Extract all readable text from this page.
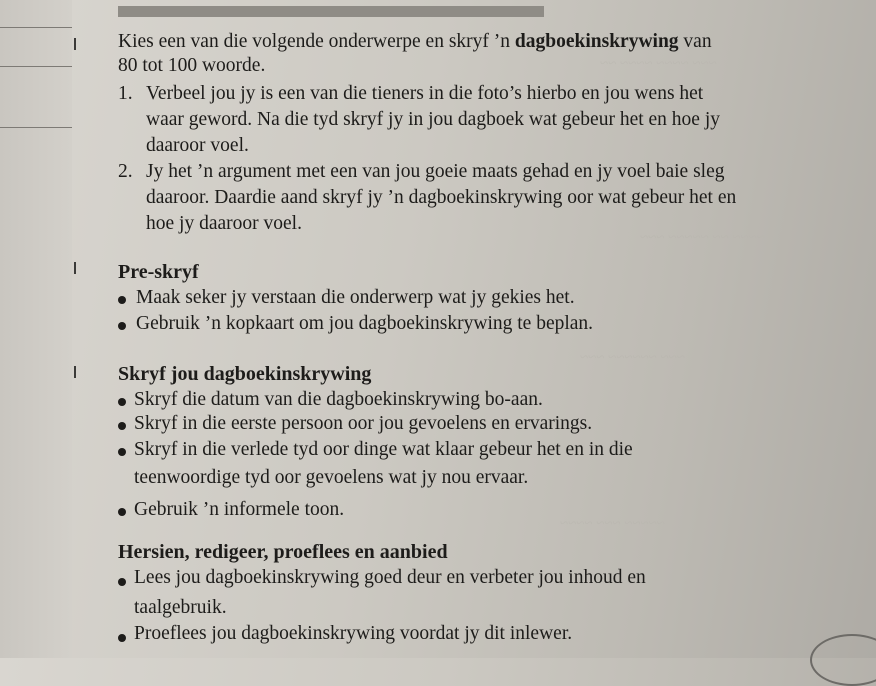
~~~ ~~~~ ~~~~ ~~
~~~~ ~~ ~~~~~ ~~~
~~~ ~~~~~~ ~~~
~~~~~ ~~~ ~~~~
Kies een van die volgende onderwerpe en skryf ’n dagboekinskrywing van
80 tot 100 woorde.
1. Verbeel jou jy is een van die tieners in die foto’s hierbo en jou wens het
waar geword. Na die tyd skryf jy in jou dagboek wat gebeur het en hoe jy
daaroor voel.
2. Jy het ’n argument met een van jou goeie maats gehad en jy voel baie sleg
daaroor. Daardie aand skryf jy ’n dagboekinskrywing oor wat gebeur het en
hoe jy daaroor voel.
Pre-skryf
Maak seker jy verstaan die onderwerp wat jy gekies het.
Gebruik ’n kopkaart om jou dagboekinskrywing te beplan.
Skryf jou dagboekinskrywing
Skryf die datum van die dagboekinskrywing bo-aan.
Skryf in die eerste persoon oor jou gevoelens en ervarings.
Skryf in die verlede tyd oor dinge wat klaar gebeur het en in die
teenwoordige tyd oor gevoelens wat jy nou ervaar.
Gebruik ’n informele toon.
Hersien, redigeer, proeflees en aanbied
Lees jou dagboekinskrywing goed deur en verbeter jou inhoud en
taalgebruik.
Proeflees jou dagboekinskrywing voordat jy dit inlewer.
